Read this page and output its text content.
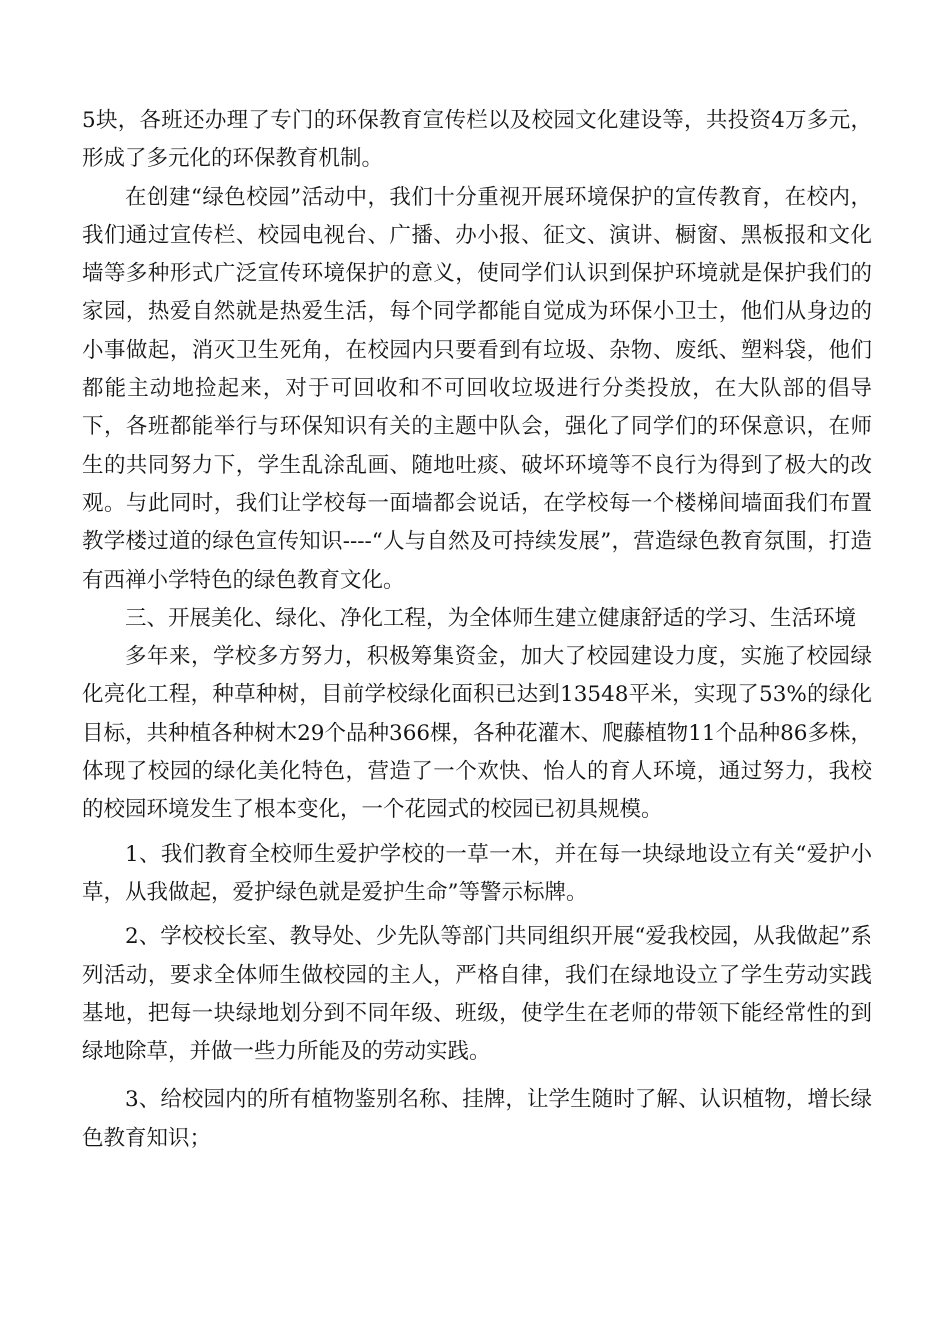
5块，各班还办理了专门的环保教育宣传栏以及校园文化建设等，共投资4万多元，形成了多元化的环保教育机制。

在创建“绿色校园”活动中，我们十分重视开展环境保护的宣传教育，在校内，我们通过宣传栏、校园电视台、广播、办小报、征文、演讲、橱窗、黑板报和文化墙等多种形式广泛宣传环境保护的意义，使同学们认识到保护环境就是保护我们的家园，热爱自然就是热爱生活，每个同学都能自觉成为环保小卫士，他们从身边的小事做起，消灭卫生死角，在校园内只要看到有垃圾、杂物、废纸、塑料袋，他们都能主动地捡起来，对于可回收和不可回收垃圾进行分类投放，在大队部的倡导下，各班都能举行与环保知识有关的主题中队会，强化了同学们的环保意识，在师生的共同努力下，学生乱涂乱画、随地吐痰、破坏环境等不良行为得到了极大的改观。与此同时，我们让学校每一面墙都会说话，在学校每一个楼梯间墙面我们布置教学楼过道的绿色宣传知识----“人与自然及可持续发展”，营造绿色教育氛围，打造有西禅小学特色的绿色教育文化。

三、开展美化、绿化、净化工程，为全体师生建立健康舒适的学习、生活环境

多年来，学校多方努力，积极筹集资金，加大了校园建设力度，实施了校园绿化亮化工程，种草种树，目前学校绿化面积已达到13548平米，实现了53%的绿化目标，共种植各种树木29个品种366棵，各种花灌木、爬藤植物11个品种86多株，体现了校园的绿化美化特色，营造了一个欢快、怡人的育人环境，通过努力，我校的校园环境发生了根本变化，一个花园式的校园已初具规模。

1、我们教育全校师生爱护学校的一草一木，并在每一块绿地设立有关“爱护小草，从我做起，爱护绿色就是爱护生命”等警示标牌。

2、学校校长室、教导处、少先队等部门共同组织开展“爱我校园，从我做起”系列活动，要求全体师生做校园的主人，严格自律，我们在绿地设立了学生劳动实践基地，把每一块绿地划分到不同年级、班级，使学生在老师的带领下能经常性的到绿地除草，并做一些力所能及的劳动实践。

3、给校园内的所有植物鉴别名称、挂牌，让学生随时了解、认识植物，增长绿色教育知识；
